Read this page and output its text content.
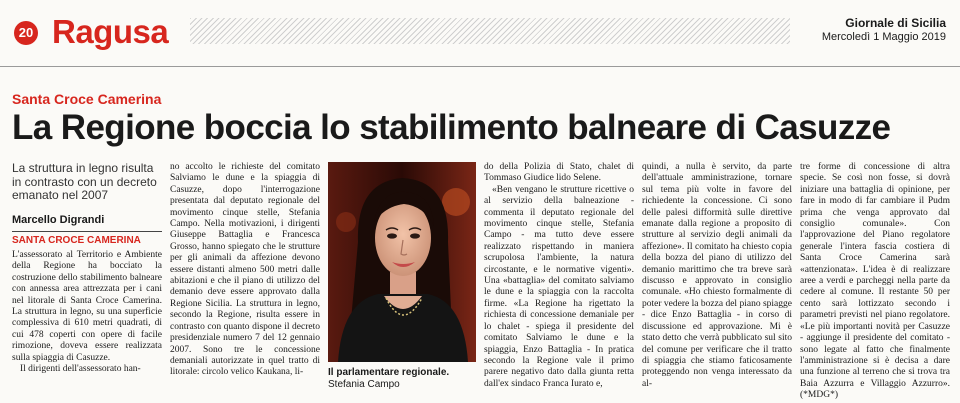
20 Ragusa	Giornale di Sicilia
Mercoledì 1 Maggio 2019
Santa Croce Camerina
La Regione boccia lo stabilimento balneare di Casuzze
La struttura in legno risulta in contrasto con un decreto emanato nel 2007
Marcello Digrandi
SANTA CROCE CAMERINA

L'assessorato al Territorio e Ambiente della Regione ha bocciato la costruzione dello stabilimento balneare con annessa area attrezzata per i cani nel litorale di Santa Croce Camerina. La struttura in legno, su una superficie complessiva di 610 metri quadrati, di cui 478 coperti con opere di facile rimozione, doveva essere realizzata sulla spiaggia di Casuzze.

Il dirigenti dell'assessorato han-

no accolto le richieste del comitato Salviamo le dune e la spiaggia di Casuzze, dopo l'interrogazione presentata dal deputato regionale del movimento cinque stelle, Stefania Campo. Nella motivazioni, i dirigenti Giuseppe Battaglia e Francesca Grosso, hanno spiegato che le strutture per gli animali da affezione devono essere distanti almeno 500 metri dalle abitazioni e che il piano di utilizzo del demanio deve essere approvato dalla Regione Sicilia. La struttura in legno, secondo la Regione, risulta essere in contrasto con quanto dispone il decreto presidenziale numero 7 del 12 gennaio 2007. Sono tre le concessione demaniali autorizzate in quel tratto di litorale: circolo velico Kaukana, li-

do della Polizia di Stato, chalet di Tommaso Giudice lido Selene.

«Ben vengano le strutture ricettive o al servizio della balneazione - commenta il deputato regionale del movimento cinque stelle, Stefania Campo - ma tutto deve essere realizzato rispettando in maniera scrupolosa l'ambiente, la natura circostante, e le normative vigenti». Una «battaglia» del comitato salviamo le dune e la spiaggia con la raccolta firme. «La Regione ha rigettato la richiesta di concessione demaniale per lo chalet - spiega il presidente del comitato Salviamo le dune e la spiaggia, Enzo Battaglia - In pratica secondo la Regione vale il primo parere negativo dato dalla giunta retta dall'ex sindaco Franca Iurato e,

quindi, a nulla è servito, da parte dell'attuale amministrazione, tornare sul tema più volte in favore del richiedente la concessione. Ci sono delle palesi difformità sulle direttive emanate dalla regione a proposito di strutture al servizio degli animali da affezione». Il comitato ha chiesto copia della bozza del piano di utilizzo del demanio marittimo che tra breve sarà discusso e approvato in consiglio comunale. «Ho chiesto formalmente di poter vedere la bozza del piano spiagge - dice Enzo Battaglia - in corso di discussione ed approvazione. Mi è stato detto che verrà pubblicato sul sito del comune per verificare che il tratto di spiaggia che stiamo faticosamente proteggendo non venga interessato da al-

tre forme di concessione di altra specie. Se così non fosse, si dovrà iniziare una battaglia di opinione, per fare in modo di far cambiare il Pudm prima che venga approvato dal consiglio comunale». Con l'approvazione del Piano regolatore generale l'intera fascia costiera di Santa Croce Camerina sarà «attenzionata». L'idea è di realizzare aree a verdi e parcheggi nella parte da cedere al comune. Il restante 50 per cento sarà lottizzato secondo i parametri previsti nel piano regolatore. «Le più importanti novità per Casuzze - aggiunge il presidente del comitato - sono legate al fatto che finalmente l'amministrazione si è decisa a dare una funzione al terreno che si trova tra Baia Azzurra e Villaggio Azzurro». (*MDG*)

Il parlamentare regionale.
Stefania Campo
